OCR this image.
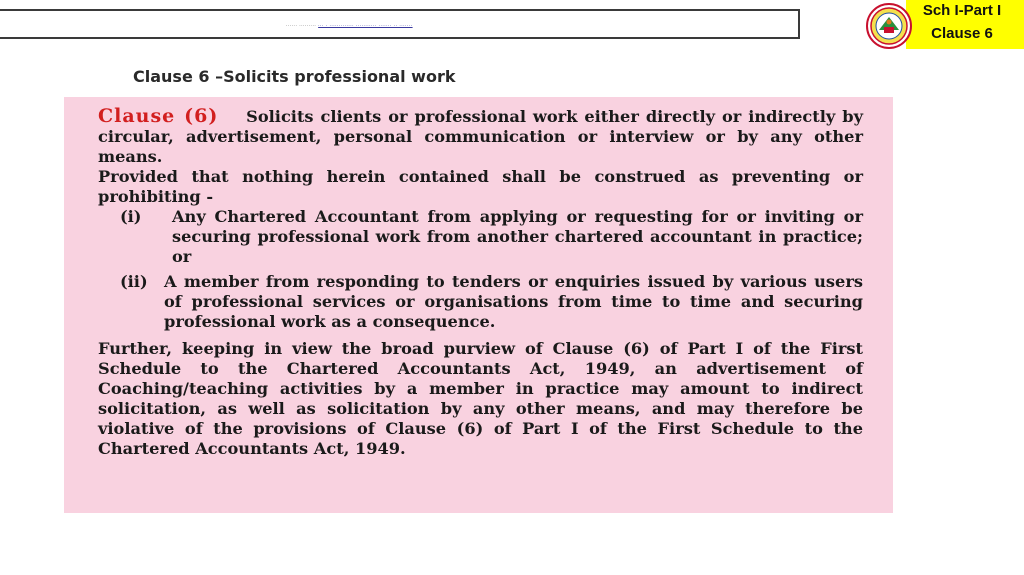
...... ......... ... . ............. ........... ....... .. .......
Sch I-Part I
Clause 6
Clause 6 –Solicits professional work

Clause (6) Solicits clients or professional work either directly or indirectly by circular, advertisement, personal communication or interview or by any other means.

Provided that nothing herein contained shall be construed as preventing or prohibiting -

(i)	Any Chartered Accountant from applying or requesting for or inviting or securing professional work from another chartered accountant in practice; or
(ii)	A member from responding to tenders or enquiries issued by various users of professional services or organisations from time to time and securing professional work as a consequence.

Further, keeping in view the broad purview of Clause (6) of Part I of the First Schedule to the Chartered Accountants Act, 1949, an advertisement of Coaching/teaching activities by a member in practice may amount to indirect solicitation, as well as solicitation by any other means, and may therefore be violative of the provisions of Clause (6) of Part I of the First Schedule to the Chartered Accountants Act, 1949.
